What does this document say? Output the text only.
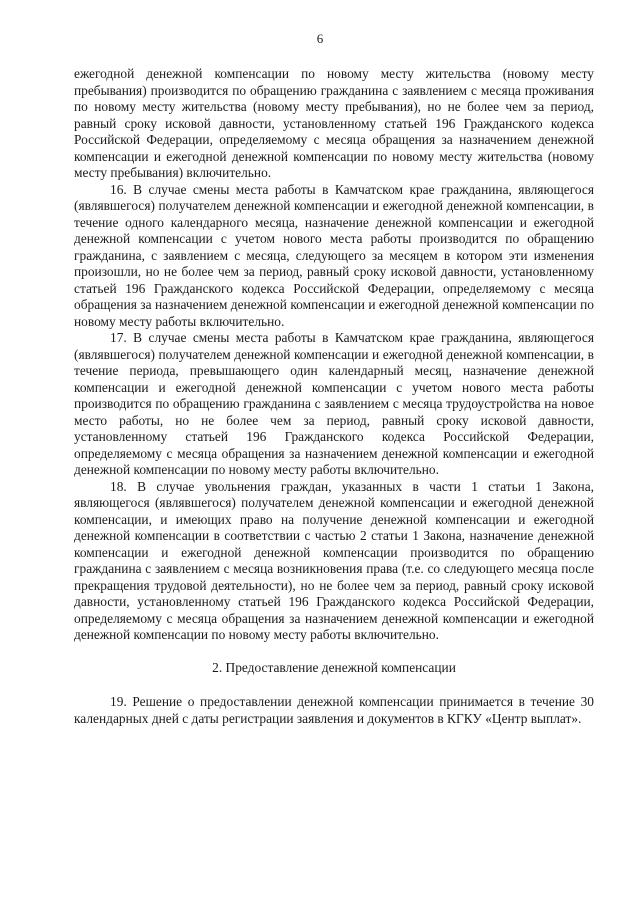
6

ежегодной денежной компенсации по новому месту жительства (новому месту пребывания) производится по обращению гражданина с заявлением с месяца проживания по новому месту жительства (новому месту пребывания), но не более чем за период, равный сроку исковой давности, установленному статьей 196 Гражданского кодекса Российской Федерации, определяемому с месяца обращения за назначением денежной компенсации и ежегодной денежной компенсации по новому месту жительства (новому месту пребывания) включительно.

16. В случае смены места работы в Камчатском крае гражданина, являющегося (являвшегося) получателем денежной компенсации и ежегодной денежной компенсации, в течение одного календарного месяца, назначение денежной компенсации и ежегодной денежной компенсации с учетом нового места работы производится по обращению гражданина, с заявлением с месяца, следующего за месяцем в котором эти изменения произошли, но не более чем за период, равный сроку исковой давности, установленному статьей 196 Гражданского кодекса Российской Федерации, определяемому с месяца обращения за назначением денежной компенсации и ежегодной денежной компенсации по новому месту работы включительно.

17. В случае смены места работы в Камчатском крае гражданина, являющегося (являвшегося) получателем денежной компенсации и ежегодной денежной компенсации, в течение периода, превышающего один календарный месяц, назначение денежной компенсации и ежегодной денежной компенсации с учетом нового места работы производится по обращению гражданина с заявлением с месяца трудоустройства на новое место работы, но не более чем за период, равный сроку исковой давности, установленному статьей 196 Гражданского кодекса Российской Федерации, определяемому с месяца обращения за назначением денежной компенсации и ежегодной денежной компенсации по новому месту работы включительно.

18. В случае увольнения граждан, указанных в части 1 статьи 1 Закона, являющегося (являвшегося) получателем денежной компенсации и ежегодной денежной компенсации, и имеющих право на получение денежной компенсации и ежегодной денежной компенсации в соответствии с частью 2 статьи 1 Закона, назначение денежной компенсации и ежегодной денежной компенсации производится по обращению гражданина с заявлением с месяца возникновения права (т.е. со следующего месяца после прекращения трудовой деятельности), но не более чем за период, равный сроку исковой давности, установленному статьей 196 Гражданского кодекса Российской Федерации, определяемому с месяца обращения за назначением денежной компенсации и ежегодной денежной компенсации по новому месту работы включительно.

2. Предоставление денежной компенсации

19. Решение о предоставлении денежной компенсации принимается в течение 30 календарных дней с даты регистрации заявления и документов в КГКУ «Центр выплат».
